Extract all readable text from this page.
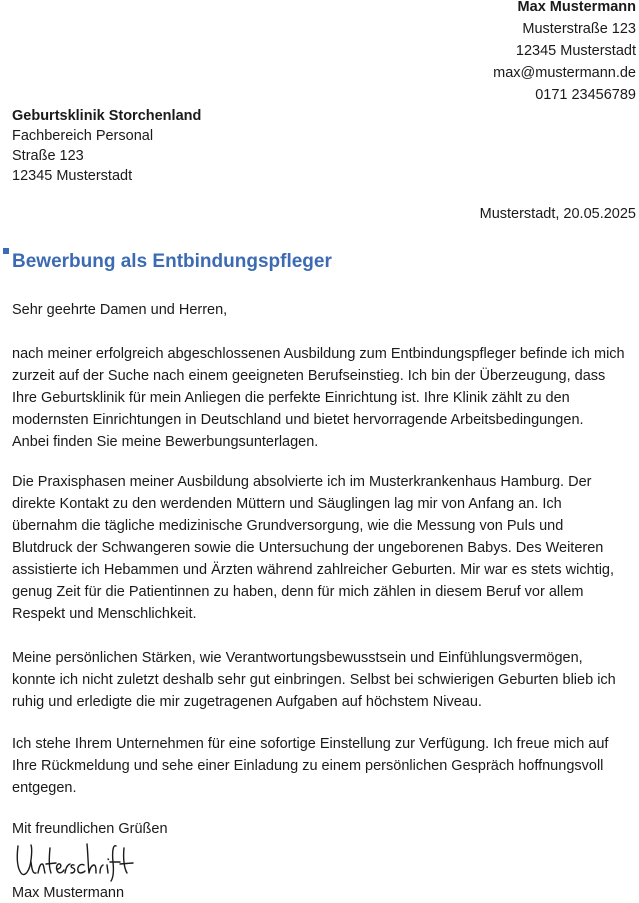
Max Mustermann
Musterstraße 123
12345 Musterstadt
max@mustermann.de
0171 23456789
Geburtsklinik Storchenland
Fachbereich Personal
Straße 123
12345 Musterstadt
Musterstadt, 20.05.2025
Bewerbung als Entbindungspfleger
Sehr geehrte Damen und Herren,
nach meiner erfolgreich abgeschlossenen Ausbildung zum Entbindungspfleger befinde ich mich
zurzeit auf der Suche nach einem geeigneten Berufseinstieg. Ich bin der Überzeugung, dass
Ihre Geburtsklinik für mein Anliegen die perfekte Einrichtung ist. Ihre Klinik zählt zu den
modernsten Einrichtungen in Deutschland und bietet hervorragende Arbeitsbedingungen.
Anbei finden Sie meine Bewerbungsunterlagen.
Die Praxisphasen meiner Ausbildung absolvierte ich im Musterkrankenhaus Hamburg. Der
direkte Kontakt zu den werdenden Müttern und Säuglingen lag mir von Anfang an. Ich
übernahm die tägliche medizinische Grundversorgung, wie die Messung von Puls und
Blutdruck der Schwangeren sowie die Untersuchung der ungeborenen Babys. Des Weiteren
assistierte ich Hebammen und Ärzten während zahlreicher Geburten. Mir war es stets wichtig,
genug Zeit für die Patientinnen zu haben, denn für mich zählen in diesem Beruf vor allem
Respekt und Menschlichkeit.
Meine persönlichen Stärken, wie Verantwortungsbewusstsein und Einfühlungsvermögen,
konnte ich nicht zuletzt deshalb sehr gut einbringen. Selbst bei schwierigen Geburten blieb ich
ruhig und erledigte die mir zugetragenen Aufgaben auf höchstem Niveau.
Ich stehe Ihrem Unternehmen für eine sofortige Einstellung zur Verfügung. Ich freue mich auf
Ihre Rückmeldung und sehe einer Einladung zu einem persönlichen Gespräch hoffnungsvoll
entgegen.
Mit freundlichen Grüßen
Max Mustermann
